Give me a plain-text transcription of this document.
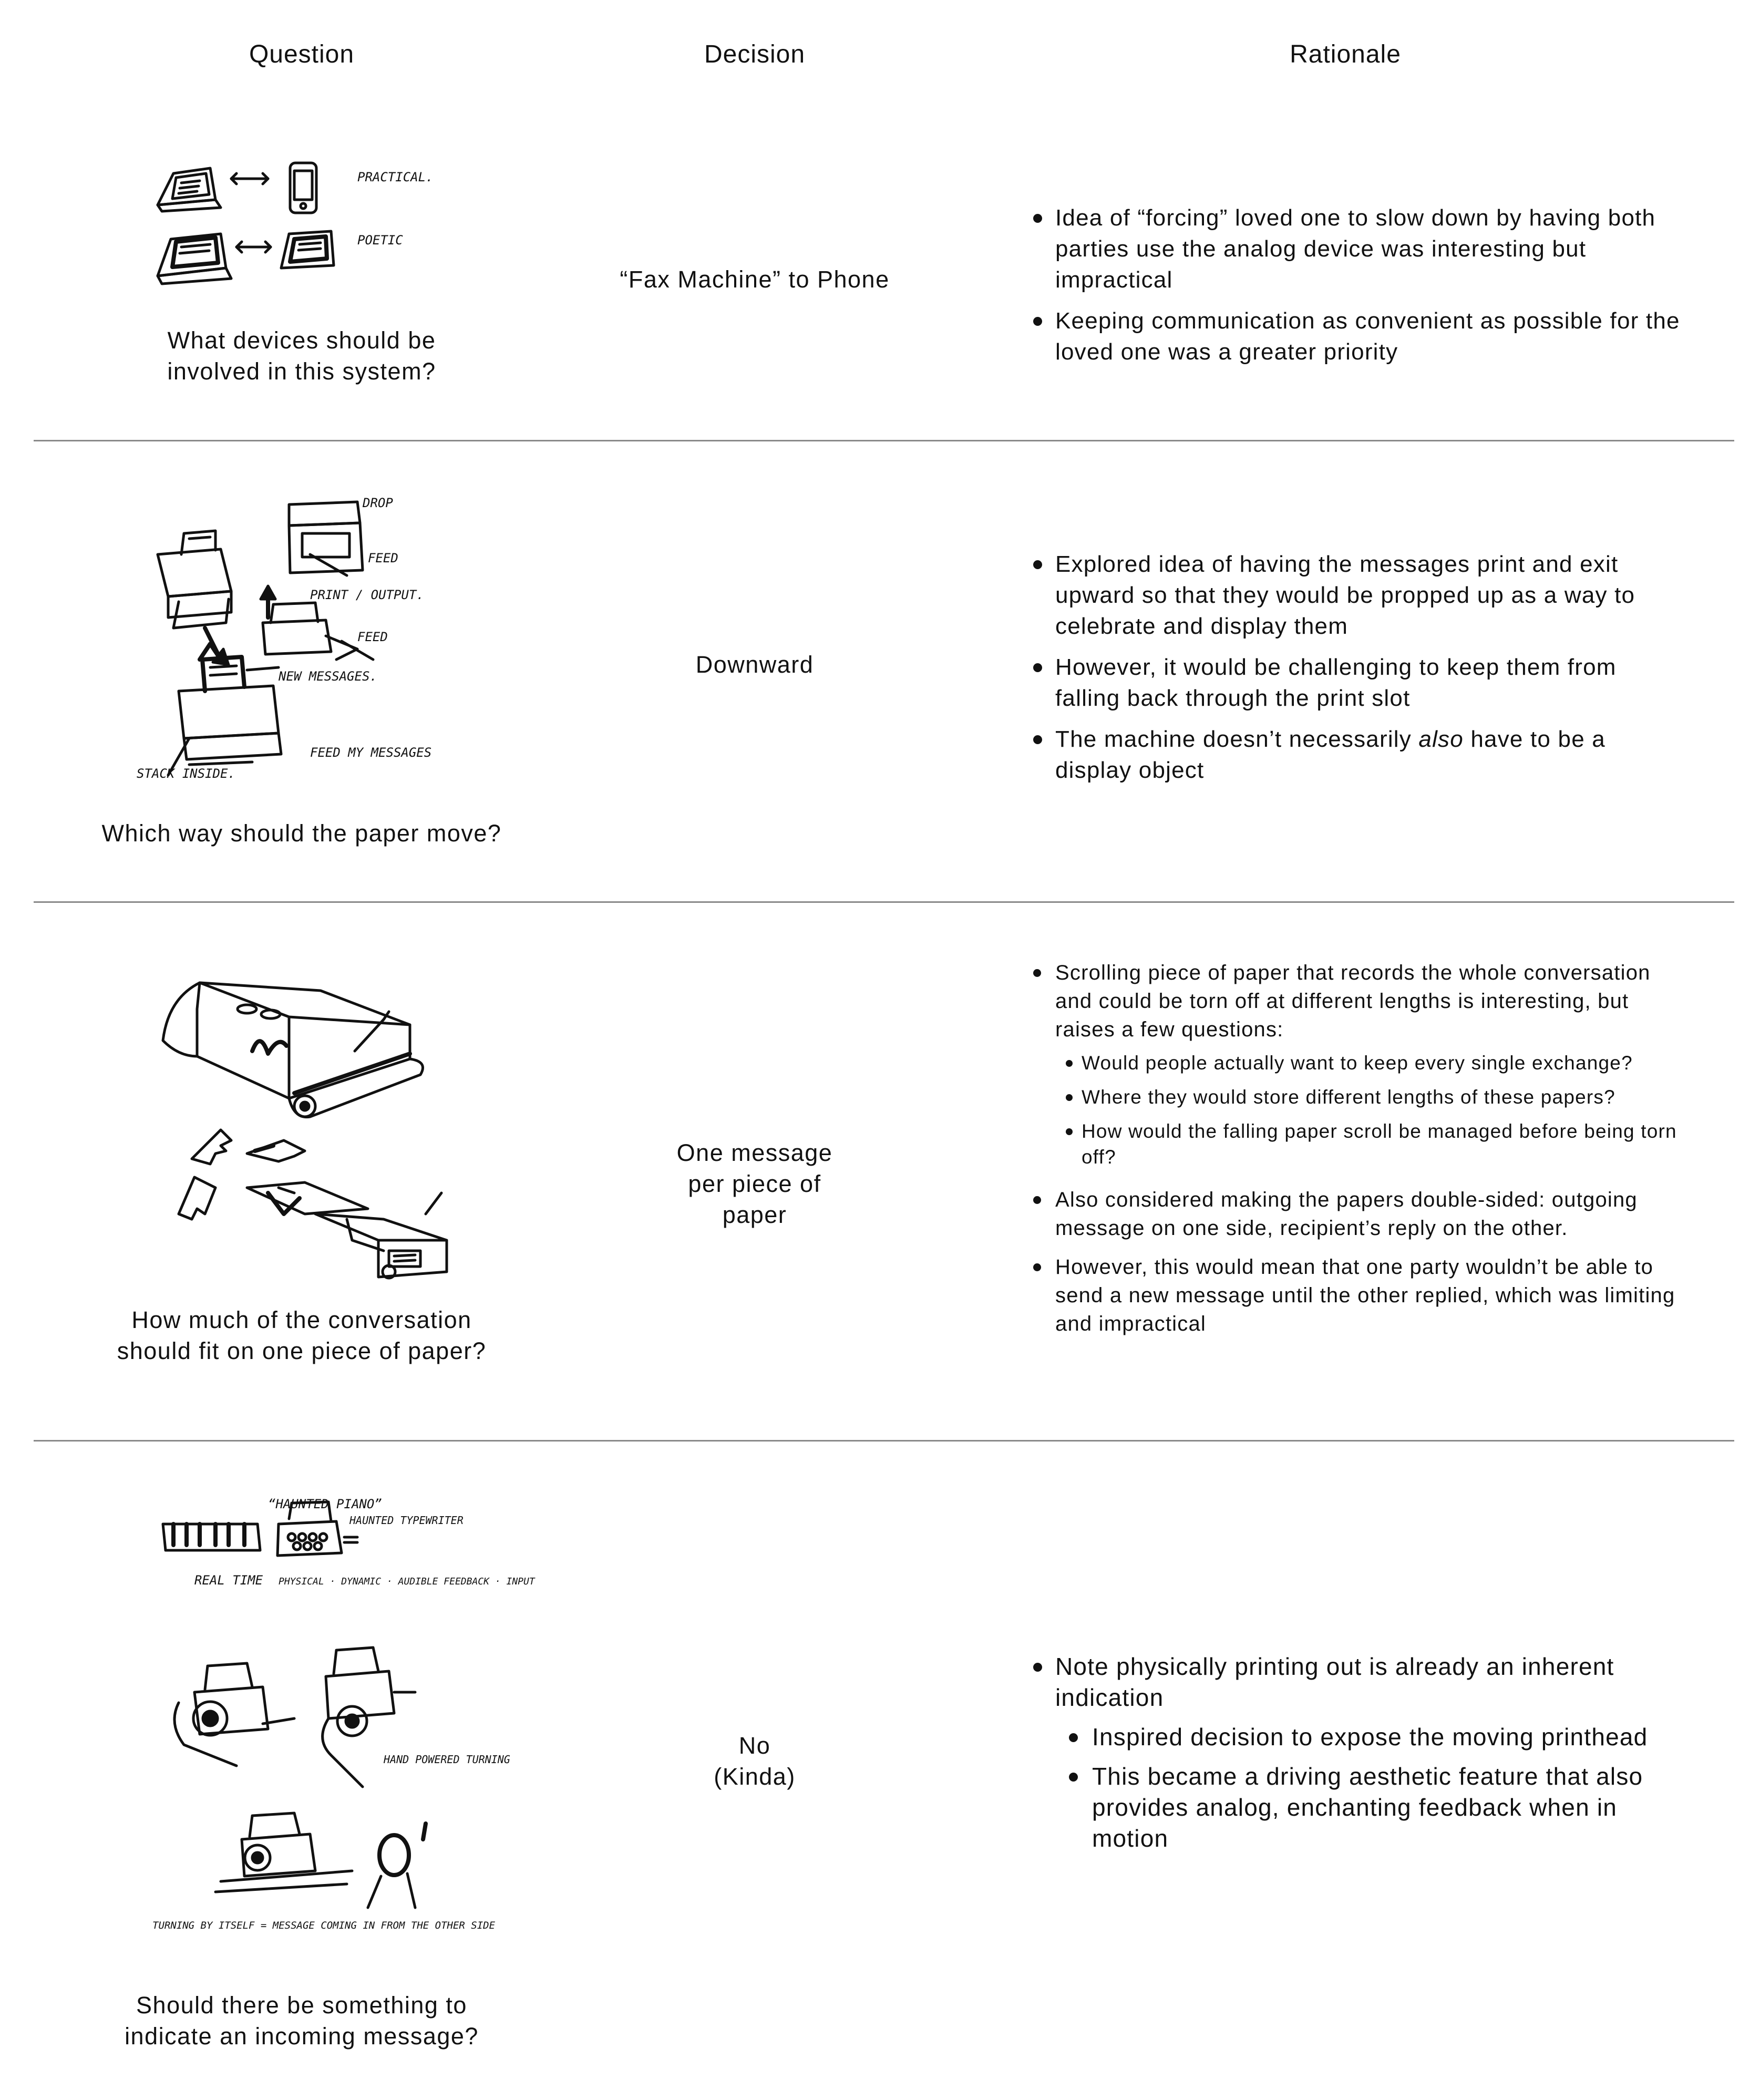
Question	Decision	Rationale
PRACTICAL.
POETIC
What devices should be involved in this system?
“Fax Machine” to Phone
Idea of “forcing” loved one to slow down by having both parties use the analog device was interesting but impractical
Keeping communication as convenient as possible for the loved one was a greater priority
DROP
FEED
PRINT / OUTPUT.
FEED
NEW MESSAGES.
FEED MY MESSAGES
STACK INSIDE.
Which way should the paper move?
Downward
Explored idea of having the messages print and exit upward so that they would be propped up as a way to celebrate and display them
However, it would be challenging to keep them from falling back through the print slot
The machine doesn’t necessarily also have to be a display object
How much of the conversation should fit on one piece of paper?
One message per piece of paper
Scrolling piece of paper that records the whole conversation and could be torn off at different lengths is interesting, but raises a few questions:
Would people actually want to keep every single exchange?
Where they would store different lengths of these papers?
How would the falling paper scroll be managed before being torn off?
Also considered making the papers double-sided: outgoing message on one side, recipient’s reply on the other.
However, this would mean that one party wouldn’t be able to send a new message until the other replied, which was limiting and impractical
“HAUNTED PIANO”
HAUNTED TYPEWRITER
REAL TIME PHYSICAL · DYNAMIC · AUDIBLE FEEDBACK · INPUT
HAND POWERED TURNING
TURNING BY ITSELF = MESSAGE COMING IN FROM THE OTHER SIDE
Should there be something to indicate an incoming message?
No
(Kinda)
Note physically printing out is already an inherent indication
Inspired decision to expose the moving printhead
This became a driving aesthetic feature that also provides analog, enchanting feedback when in motion
